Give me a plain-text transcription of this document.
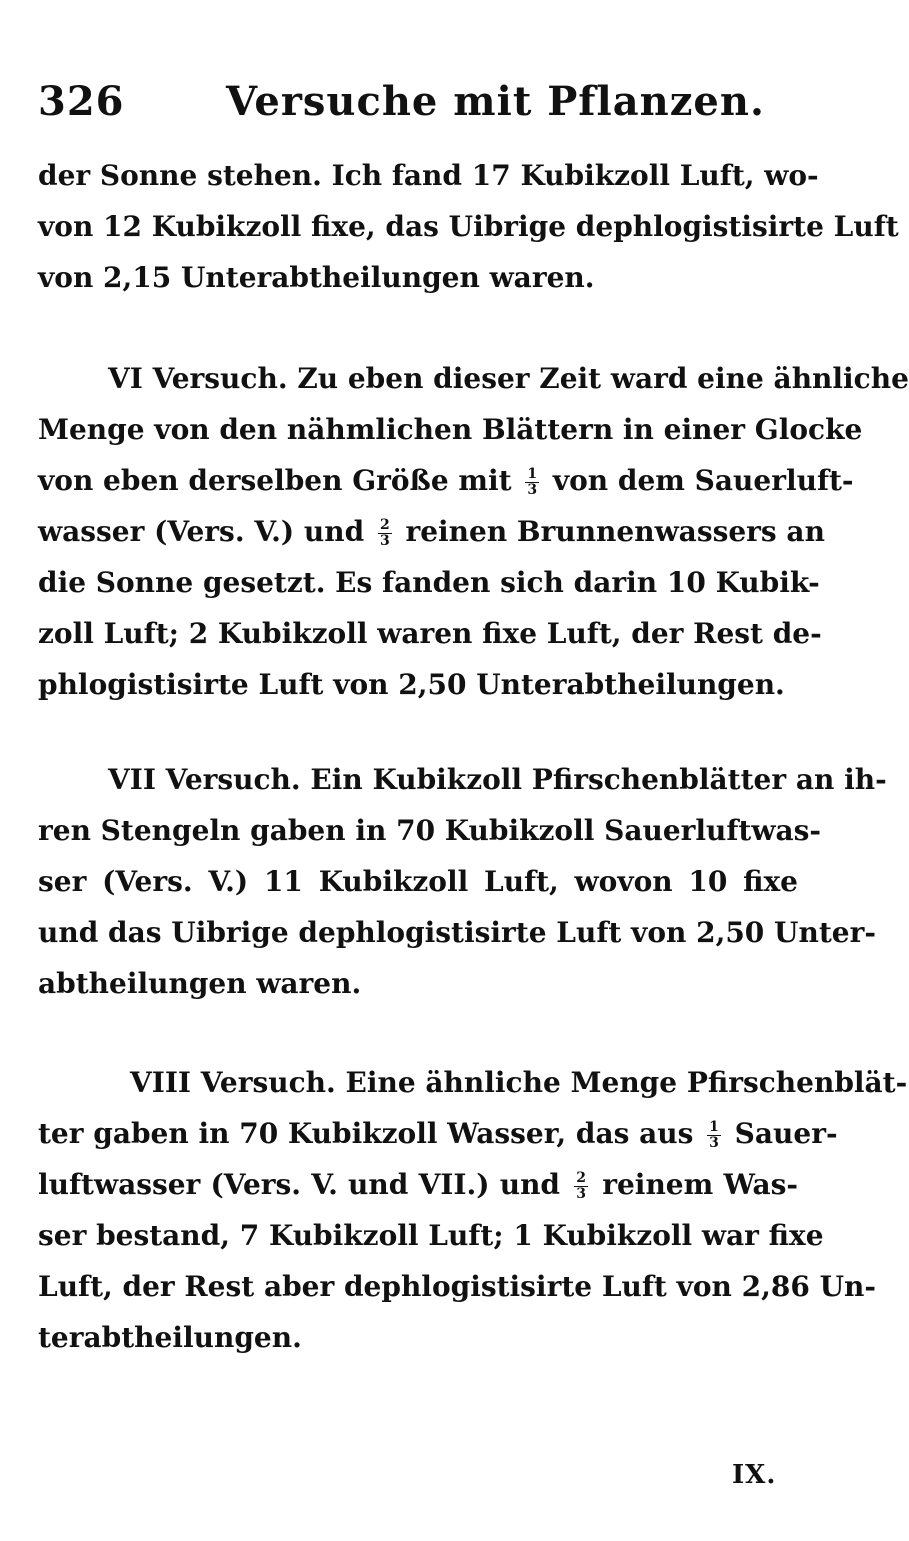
326	Versuche mit Pflanzen.
der Sonne stehen. Ich fand 17 Kubikzoll Luft, wo-
von 12 Kubikzoll fixe, das Uibrige dephlogistisirte Luft
von 2,15 Unterabtheilungen waren.
VI Versuch. Zu eben dieser Zeit ward eine ähnliche
Menge von den nähmlichen Blättern in einer Glocke
von eben derselben Größe mit $\frac{1}{3}$ von dem Sauerluft-
wasser (Vers. V.) und $\frac{2}{3}$ reinen Brunnenwassers an
die Sonne gesetzt. Es fanden sich darin 10 Kubik-
zoll Luft; 2 Kubikzoll waren fixe Luft, der Rest de-
phlogistisirte Luft von 2,50 Unterabtheilungen.
VII Versuch. Ein Kubikzoll Pfirschenblätter an ih-
ren Stengeln gaben in 70 Kubikzoll Sauerluftwas-
ser (Vers. V.) 11 Kubikzoll Luft, wovon 10 fixe
und das Uibrige dephlogistisirte Luft von 2,50 Unter-
abtheilungen waren.
VIII Versuch. Eine ähnliche Menge Pfirschenblät-
ter gaben in 70 Kubikzoll Wasser, das aus $\frac{1}{3}$ Sauer-
luftwasser (Vers. V. und VII.) und $\frac{2}{3}$ reinem Was-
ser bestand, 7 Kubikzoll Luft; 1 Kubikzoll war fixe
Luft, der Rest aber dephlogistisirte Luft von 2,86 Un-
terabtheilungen.
IX.
